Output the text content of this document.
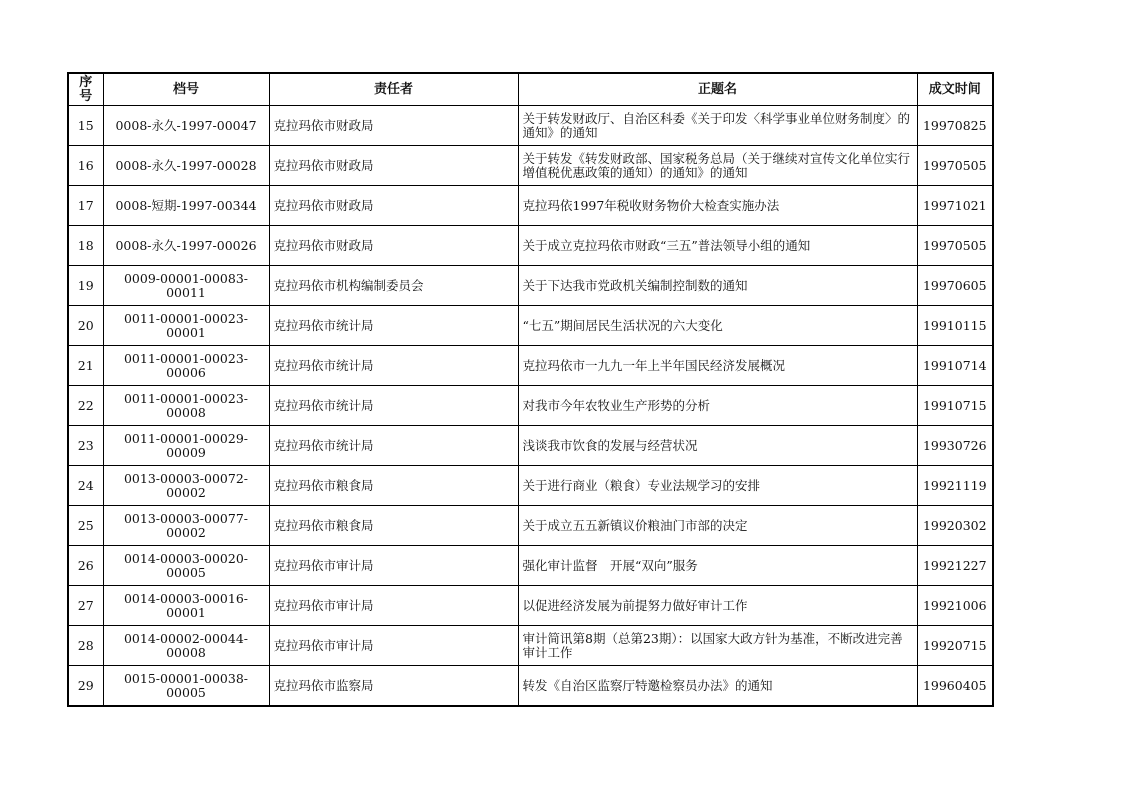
序号	档号	责任者	正题名	成文时间
15	0008-永久-1997-00047	克拉玛依市财政局	关于转发财政厅、自治区科委《关于印发〈科学事业单位财务制度〉的通知》的通知	19970825
16	0008-永久-1997-00028	克拉玛依市财政局	关于转发《转发财政部、国家税务总局（关于继续对宣传文化单位实行增值税优惠政策的通知）的通知》的通知	19970505
17	0008-短期-1997-00344	克拉玛依市财政局	克拉玛依1997年税收财务物价大检查实施办法	19971021
18	0008-永久-1997-00026	克拉玛依市财政局	关于成立克拉玛依市财政“三五”普法领导小组的通知	19970505
19	0009-00001-00083-00011	克拉玛依市机构编制委员会	关于下达我市党政机关编制控制数的通知	19970605
20	0011-00001-00023-00001	克拉玛依市统计局	“七五”期间居民生活状况的六大变化	19910115
21	0011-00001-00023-00006	克拉玛依市统计局	克拉玛依市一九九一年上半年国民经济发展概况	19910714
22	0011-00001-00023-00008	克拉玛依市统计局	对我市今年农牧业生产形势的分析	19910715
23	0011-00001-00029-00009	克拉玛依市统计局	浅谈我市饮食的发展与经营状况	19930726
24	0013-00003-00072-00002	克拉玛依市粮食局	关于进行商业（粮食）专业法规学习的安排	19921119
25	0013-00003-00077-00002	克拉玛依市粮食局	关于成立五五新镇议价粮油门市部的决定	19920302
26	0014-00003-00020-00005	克拉玛依市审计局	强化审计监督　开展“双向”服务	19921227
27	0014-00003-00016-00001	克拉玛依市审计局	以促进经济发展为前提努力做好审计工作	19921006
28	0014-00002-00044-00008	克拉玛依市审计局	审计简讯第8期（总第23期）：以国家大政方针为基准，不断改进完善审计工作	19920715
29	0015-00001-00038-00005	克拉玛依市监察局	转发《自治区监察厅特邀检察员办法》的通知	19960405
